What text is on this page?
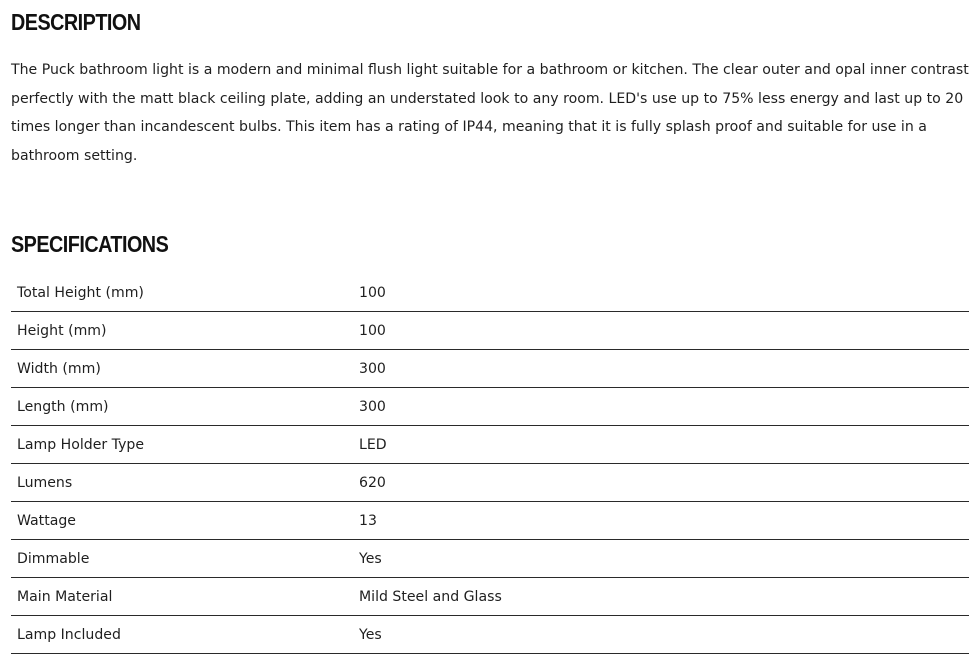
DESCRIPTION

The Puck bathroom light is a modern and minimal flush light suitable for a bathroom or kitchen. The clear outer and opal inner contrast perfectly with the matt black ceiling plate, adding an understated look to any room. LED's use up to 75% less energy and last up to 20 times longer than incandescent bulbs. This item has a rating of IP44, meaning that it is fully splash proof and suitable for use in a bathroom setting.

SPECIFICATIONS
Total Height (mm)	100
Height (mm)	100
Width (mm)	300
Length (mm)	300
Lamp Holder Type	LED
Lumens	620
Wattage	13
Dimmable	Yes
Main Material	Mild Steel and Glass
Lamp Included	Yes
